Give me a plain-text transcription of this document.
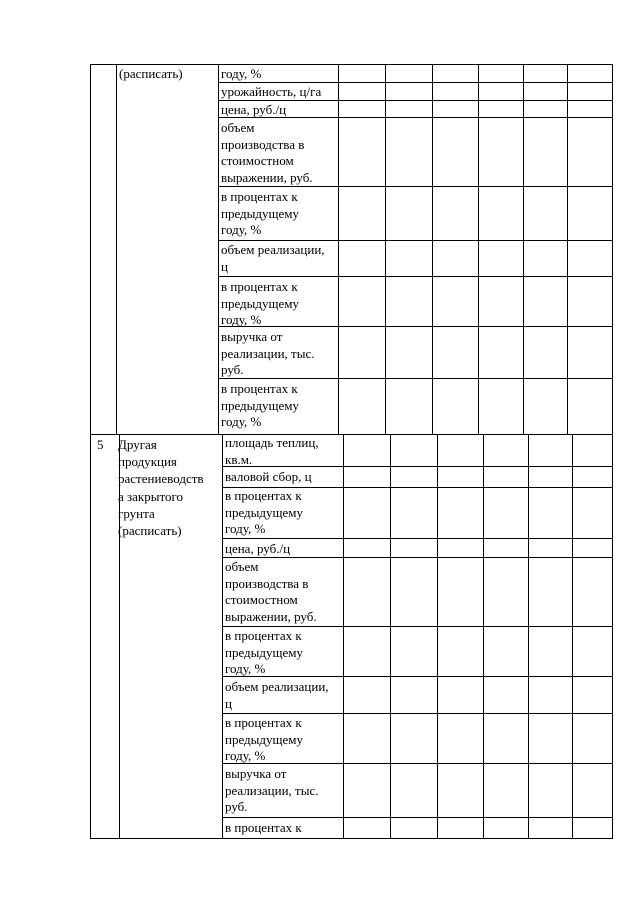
(расписать)	году, %
урожайность, ц/га
цена, руб./ц
объем
производства в
стоимостном
выражении, руб.
в процентах к
предыдущему
году, %
объем реализации,
ц
в процентах к
предыдущему
году, %
выручка от
реализации, тыс.
руб.
в процентах к
предыдущему
году, %
5 Другая
продукция
растениеводств
а закрытого
грунта
(расписать)
площадь теплиц,
кв.м.
валовой сбор, ц
в процентах к
предыдущему
году, %
цена, руб./ц
объем
производства в
стоимостном
выражении, руб.
в процентах к
предыдущему
году, %
объем реализации,
ц
в процентах к
предыдущему
году, %
выручка от
реализации, тыс.
руб.
в процентах к
